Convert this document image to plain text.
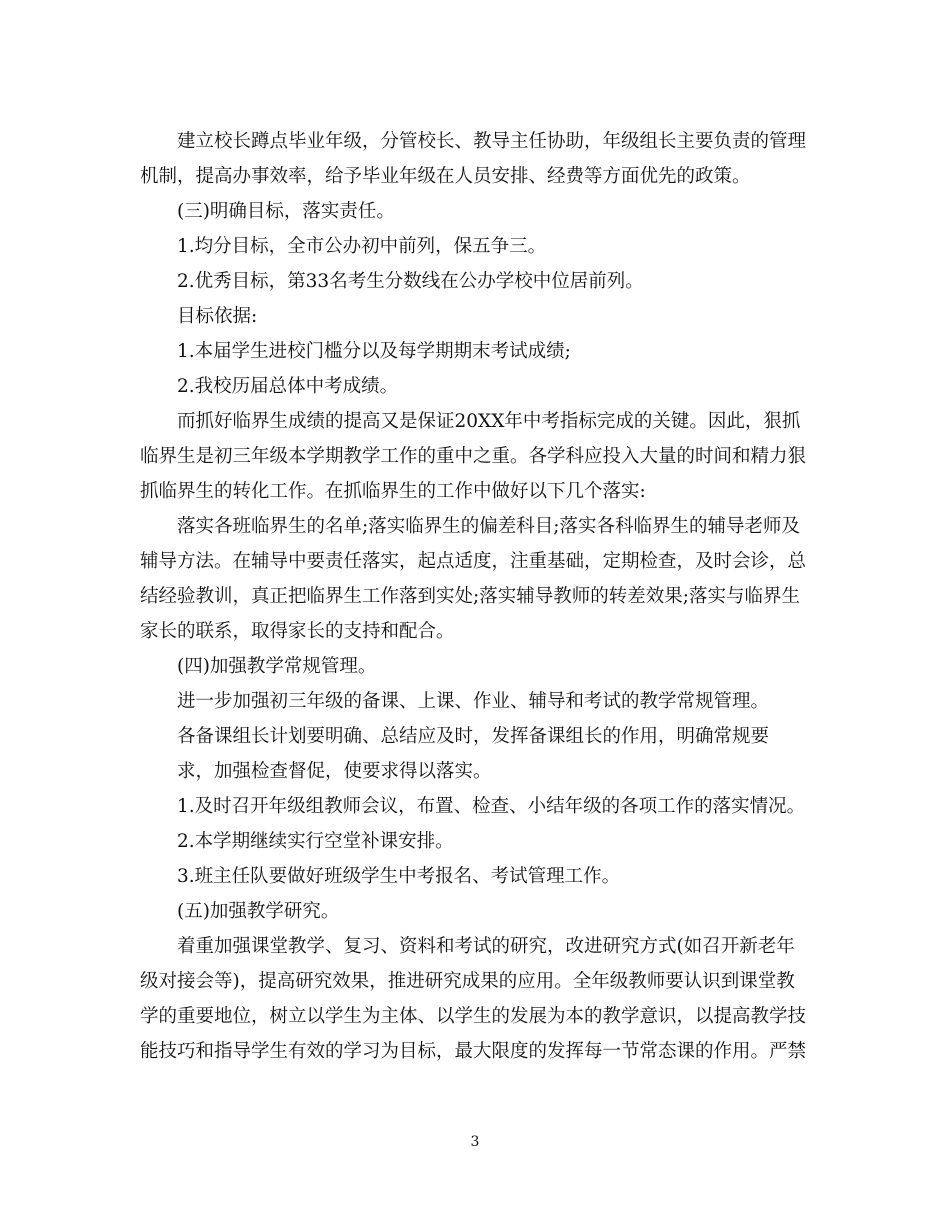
建立校长蹲点毕业年级，分管校长、教导主任协助，年级组长主要负责的管理

机制，提高办事效率，给予毕业年级在人员安排、经费等方面优先的政策。

(三)明确目标，落实责任。

1.均分目标，全市公办初中前列，保五争三。

2.优秀目标，第33名考生分数线在公办学校中位居前列。

目标依据:

1.本届学生进校门槛分以及每学期期末考试成绩;

2.我校历届总体中考成绩。

而抓好临界生成绩的提高又是保证20XX年中考指标完成的关键。因此，狠抓

临界生是初三年级本学期教学工作的重中之重。各学科应投入大量的时间和精力狠

抓临界生的转化工作。在抓临界生的工作中做好以下几个落实:

落实各班临界生的名单;落实临界生的偏差科目;落实各科临界生的辅导老师及

辅导方法。在辅导中要责任落实，起点适度，注重基础，定期检查，及时会诊，总

结经验教训，真正把临界生工作落到实处;落实辅导教师的转差效果;落实与临界生

家长的联系，取得家长的支持和配合。

(四)加强教学常规管理。

进一步加强初三年级的备课、上课、作业、辅导和考试的教学常规管理。

各备课组长计划要明确、总结应及时，发挥备课组长的作用，明确常规要

求，加强检查督促，使要求得以落实。

1.及时召开年级组教师会议，布置、检查、小结年级的各项工作的落实情况。

2.本学期继续实行空堂补课安排。

3.班主任队要做好班级学生中考报名、考试管理工作。

(五)加强教学研究。

着重加强课堂教学、复习、资料和考试的研究，改进研究方式(如召开新老年

级对接会等)，提高研究效果，推进研究成果的应用。全年级教师要认识到课堂教

学的重要地位，树立以学生为主体、以学生的发展为本的教学意识，以提高教学技

能技巧和指导学生有效的学习为目标，最大限度的发挥每一节常态课的作用。严禁

3
